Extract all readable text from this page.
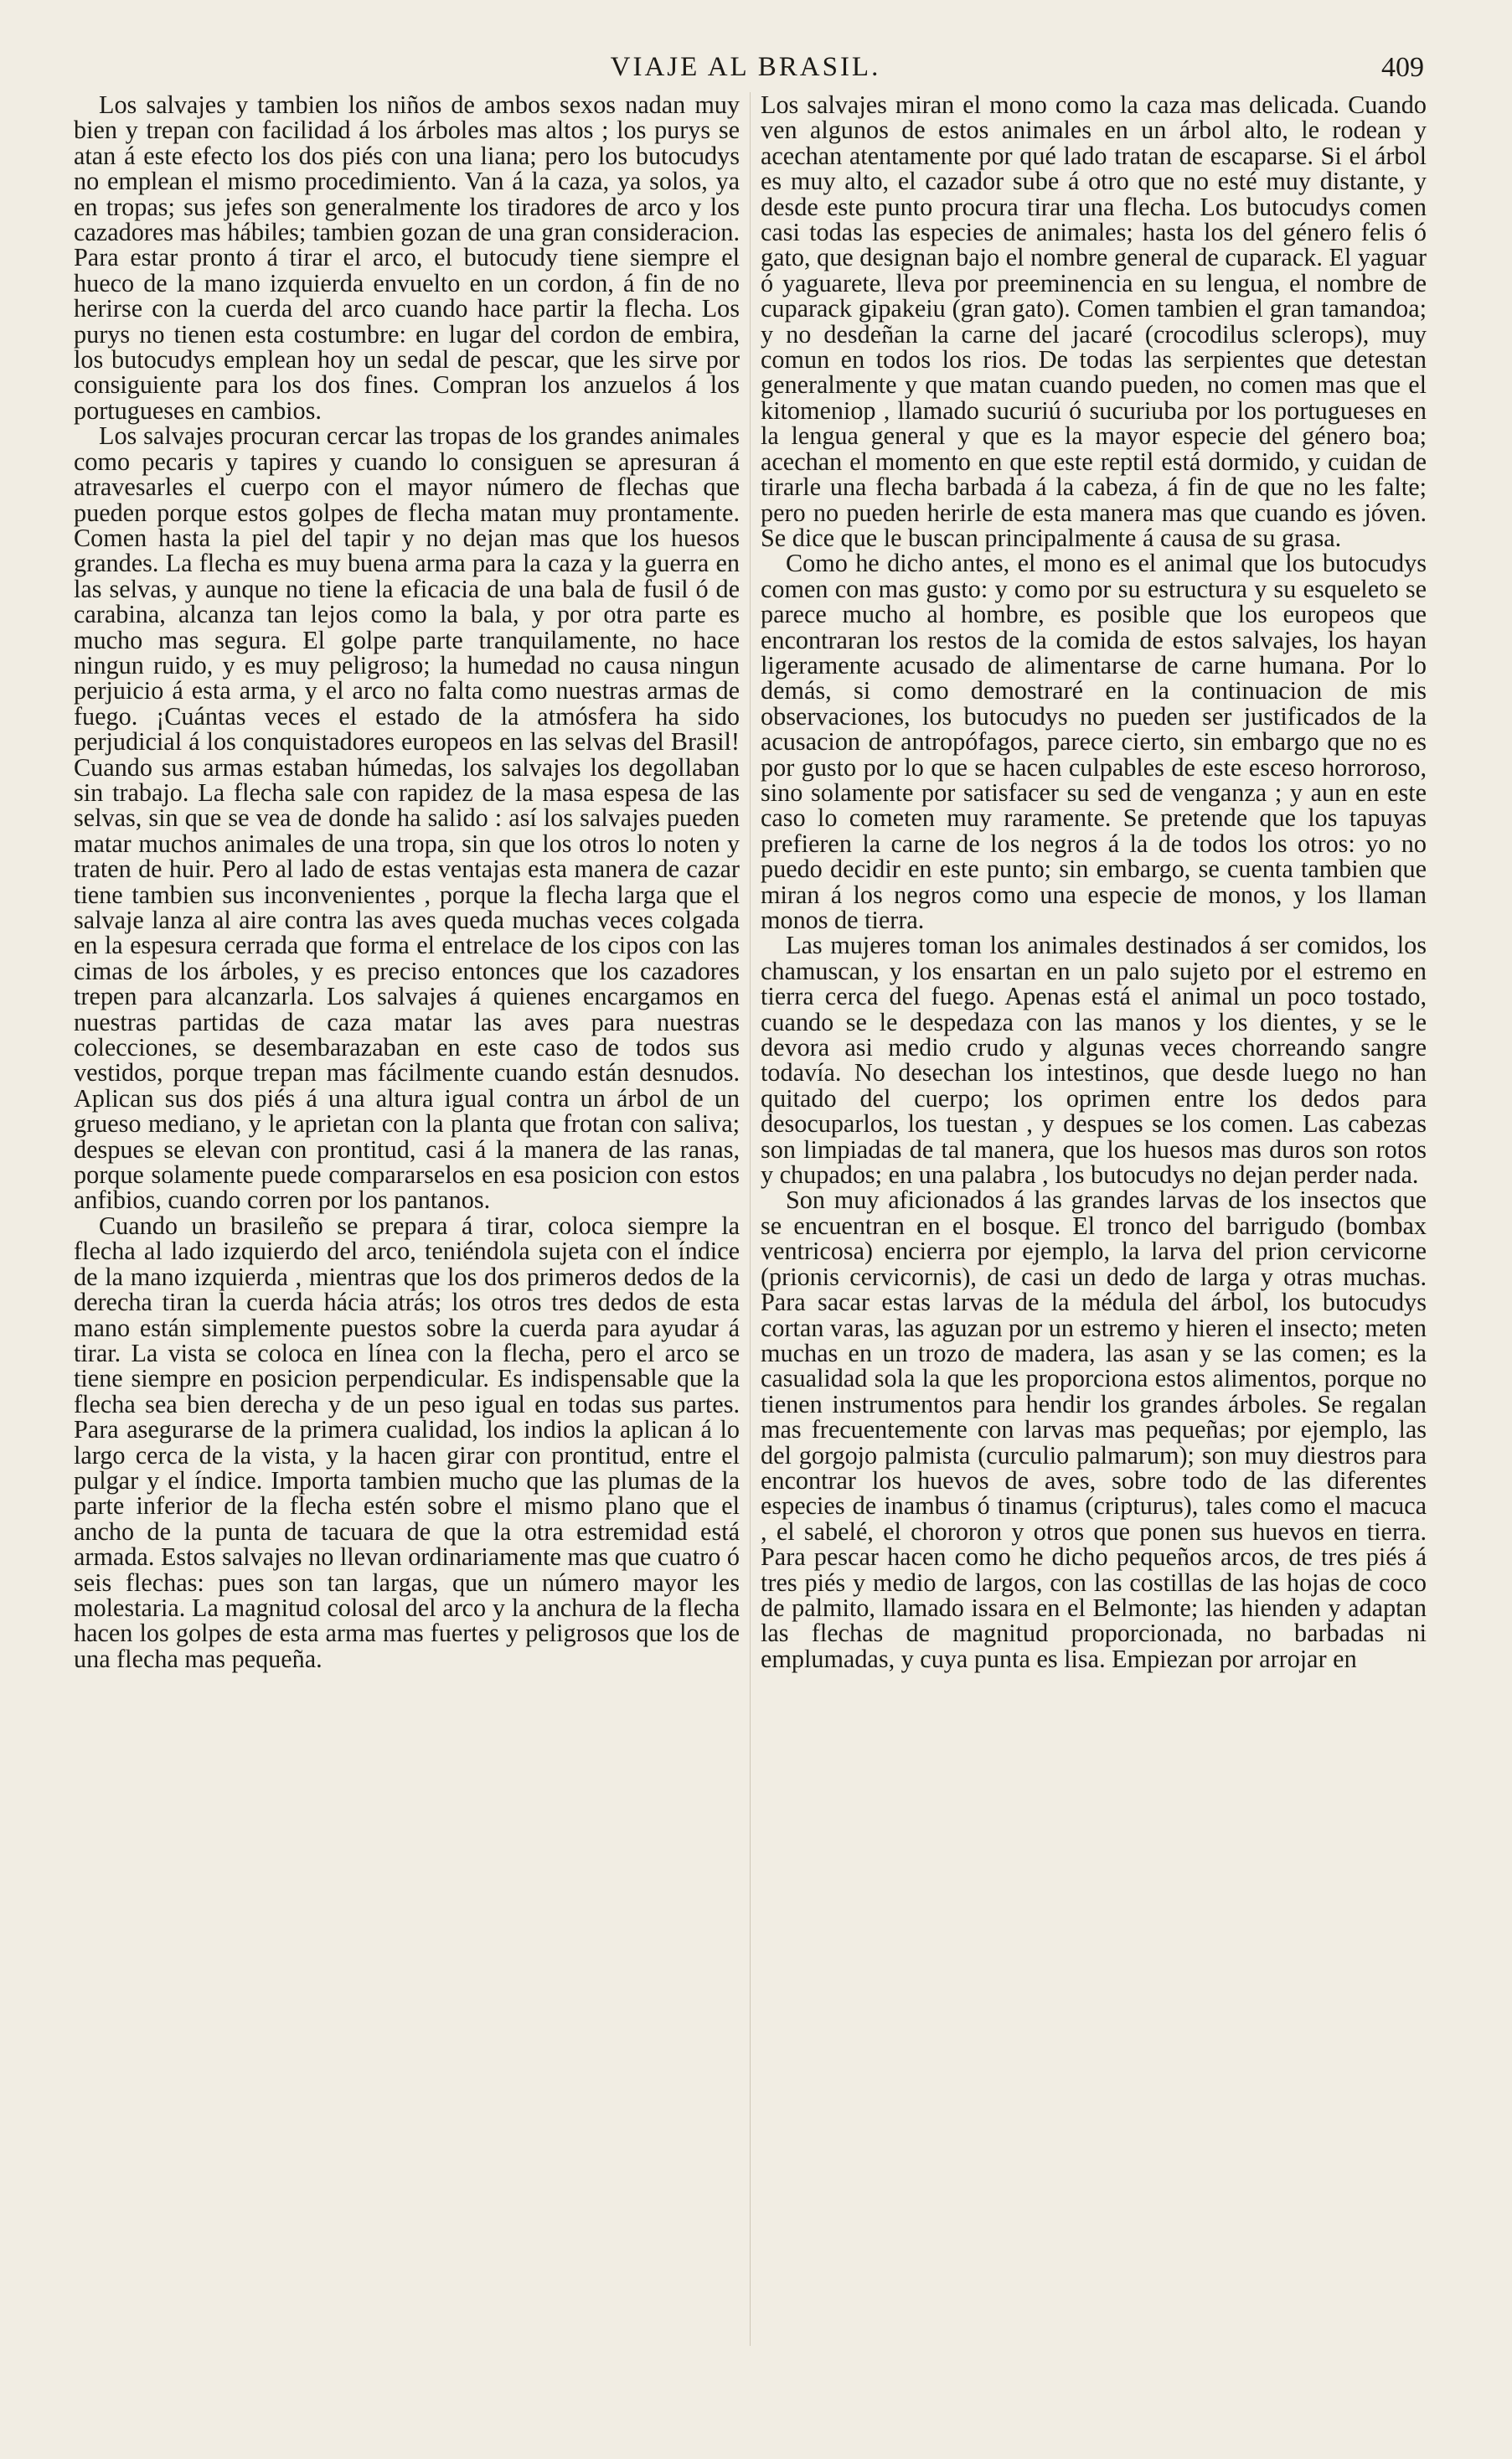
VIAJE AL BRASIL.	409

Los salvajes y tambien los niños de ambos sexos nadan muy bien y trepan con facilidad á los árboles mas altos ; los purys se atan á este efecto los dos piés con una liana; pero los butocudys no emplean el mismo procedimiento. Van á la caza, ya solos, ya en tropas; sus jefes son generalmente los tiradores de arco y los cazadores mas hábiles; tambien gozan de una gran consideracion. Para estar pronto á tirar el arco, el butocudy tiene siempre el hueco de la mano izquierda envuelto en un cordon, á fin de no herirse con la cuerda del arco cuando hace partir la flecha. Los purys no tienen esta costumbre: en lugar del cordon de embira, los butocudys emplean hoy un sedal de pescar, que les sirve por consiguiente para los dos fines. Compran los anzuelos á los portugueses en cambios.

Los salvajes procuran cercar las tropas de los grandes animales como pecaris y tapires y cuando lo consiguen se apresuran á atravesarles el cuerpo con el mayor número de flechas que pueden porque estos golpes de flecha matan muy prontamente. Comen hasta la piel del tapir y no dejan mas que los huesos grandes. La flecha es muy buena arma para la caza y la guerra en las selvas, y aunque no tiene la eficacia de una bala de fusil ó de carabina, alcanza tan lejos como la bala, y por otra parte es mucho mas segura. El golpe parte tranquilamente, no hace ningun ruido, y es muy peligroso; la humedad no causa ningun perjuicio á esta arma, y el arco no falta como nuestras armas de fuego. ¡Cuántas veces el estado de la atmósfera ha sido perjudicial á los conquistadores europeos en las selvas del Brasil! Cuando sus armas estaban húmedas, los salvajes los degollaban sin trabajo. La flecha sale con rapidez de la masa espesa de las selvas, sin que se vea de donde ha salido : así los salvajes pueden matar muchos animales de una tropa, sin que los otros lo noten y traten de huir. Pero al lado de estas ventajas esta manera de cazar tiene tambien sus inconvenientes , porque la flecha larga que el salvaje lanza al aire contra las aves queda muchas veces colgada en la espesura cerrada que forma el entrelace de los cipos con las cimas de los árboles, y es preciso entonces que los cazadores trepen para alcanzarla. Los salvajes á quienes encargamos en nuestras partidas de caza matar las aves para nuestras colecciones, se desembarazaban en este caso de todos sus vestidos, porque trepan mas fácilmente cuando están desnudos. Aplican sus dos piés á una altura igual contra un árbol de un grueso mediano, y le aprietan con la planta que frotan con saliva; despues se elevan con prontitud, casi á la manera de las ranas, porque solamente puede compararselos en esa posicion con estos anfibios, cuando corren por los pantanos.

Cuando un brasileño se prepara á tirar, coloca siempre la flecha al lado izquierdo del arco, teniéndola sujeta con el índice de la mano izquierda , mientras que los dos primeros dedos de la derecha tiran la cuerda hácia atrás; los otros tres dedos de esta mano están simplemente puestos sobre la cuerda para ayudar á tirar. La vista se coloca en línea con la flecha, pero el arco se tiene siempre en posicion perpendicular. Es indispensable que la flecha sea bien derecha y de un peso igual en todas sus partes. Para asegurarse de la primera cualidad, los indios la aplican á lo largo cerca de la vista, y la hacen girar con prontitud, entre el pulgar y el índice. Importa tambien mucho que las plumas de la parte inferior de la flecha estén sobre el mismo plano que el ancho de la punta de tacuara de que la otra estremidad está armada. Estos salvajes no llevan ordinariamente mas que cuatro ó seis flechas: pues son tan largas, que un número mayor les molestaria. La magnitud colosal del arco y la anchura de la flecha hacen los golpes de esta arma mas fuertes y peligrosos que los de una flecha mas pequeña.

Los salvajes miran el mono como la caza mas delicada. Cuando ven algunos de estos animales en un árbol alto, le rodean y acechan atentamente por qué lado tratan de escaparse. Si el árbol es muy alto, el cazador sube á otro que no esté muy distante, y desde este punto procura tirar una flecha. Los butocudys comen casi todas las especies de animales; hasta los del género felis ó gato, que designan bajo el nombre general de cuparack. El yaguar ó yaguarete, lleva por preeminencia en su lengua, el nombre de cuparack gipakeiu (gran gato). Comen tambien el gran tamandoa; y no desdeñan la carne del jacaré (crocodilus sclerops), muy comun en todos los rios. De todas las serpientes que detestan generalmente y que matan cuando pueden, no comen mas que el kitomeniop , llamado sucuriú ó sucuriuba por los portugueses en la lengua general y que es la mayor especie del género boa; acechan el momento en que este reptil está dormido, y cuidan de tirarle una flecha barbada á la cabeza, á fin de que no les falte; pero no pueden herirle de esta manera mas que cuando es jóven. Se dice que le buscan principalmente á causa de su grasa.

Como he dicho antes, el mono es el animal que los butocudys comen con mas gusto: y como por su estructura y su esqueleto se parece mucho al hombre, es posible que los europeos que encontraran los restos de la comida de estos salvajes, los hayan ligeramente acusado de alimentarse de carne humana. Por lo demás, si como demostraré en la continuacion de mis observaciones, los butocudys no pueden ser justificados de la acusacion de antropófagos, parece cierto, sin embargo que no es por gusto por lo que se hacen culpables de este esceso horroroso, sino solamente por satisfacer su sed de venganza ; y aun en este caso lo cometen muy raramente. Se pretende que los tapuyas prefieren la carne de los negros á la de todos los otros: yo no puedo decidir en este punto; sin embargo, se cuenta tambien que miran á los negros como una especie de monos, y los llaman monos de tierra.

Las mujeres toman los animales destinados á ser comidos, los chamuscan, y los ensartan en un palo sujeto por el estremo en tierra cerca del fuego. Apenas está el animal un poco tostado, cuando se le despedaza con las manos y los dientes, y se le devora asi medio crudo y algunas veces chorreando sangre todavía. No desechan los intestinos, que desde luego no han quitado del cuerpo; los oprimen entre los dedos para desocuparlos, los tuestan , y despues se los comen. Las cabezas son limpiadas de tal manera, que los huesos mas duros son rotos y chupados; en una palabra , los butocudys no dejan perder nada.

Son muy aficionados á las grandes larvas de los insectos que se encuentran en el bosque. El tronco del barrigudo (bombax ventricosa) encierra por ejemplo, la larva del prion cervicorne (prionis cervicornis), de casi un dedo de larga y otras muchas. Para sacar estas larvas de la médula del árbol, los butocudys cortan varas, las aguzan por un estremo y hieren el insecto; meten muchas en un trozo de madera, las asan y se las comen; es la casualidad sola la que les proporciona estos alimentos, porque no tienen instrumentos para hendir los grandes árboles. Se regalan mas frecuentemente con larvas mas pequeñas; por ejemplo, las del gorgojo palmista (curculio palmarum); son muy diestros para encontrar los huevos de aves, sobre todo de las diferentes especies de inambus ó tinamus (cripturus), tales como el macuca , el sabelé, el chororon y otros que ponen sus huevos en tierra. Para pescar hacen como he dicho pequeños arcos, de tres piés á tres piés y medio de largos, con las costillas de las hojas de coco de palmito, llamado issara en el Belmonte; las hienden y adaptan las flechas de magnitud proporcionada, no barbadas ni emplumadas, y cuya punta es lisa. Empiezan por arrojar en
